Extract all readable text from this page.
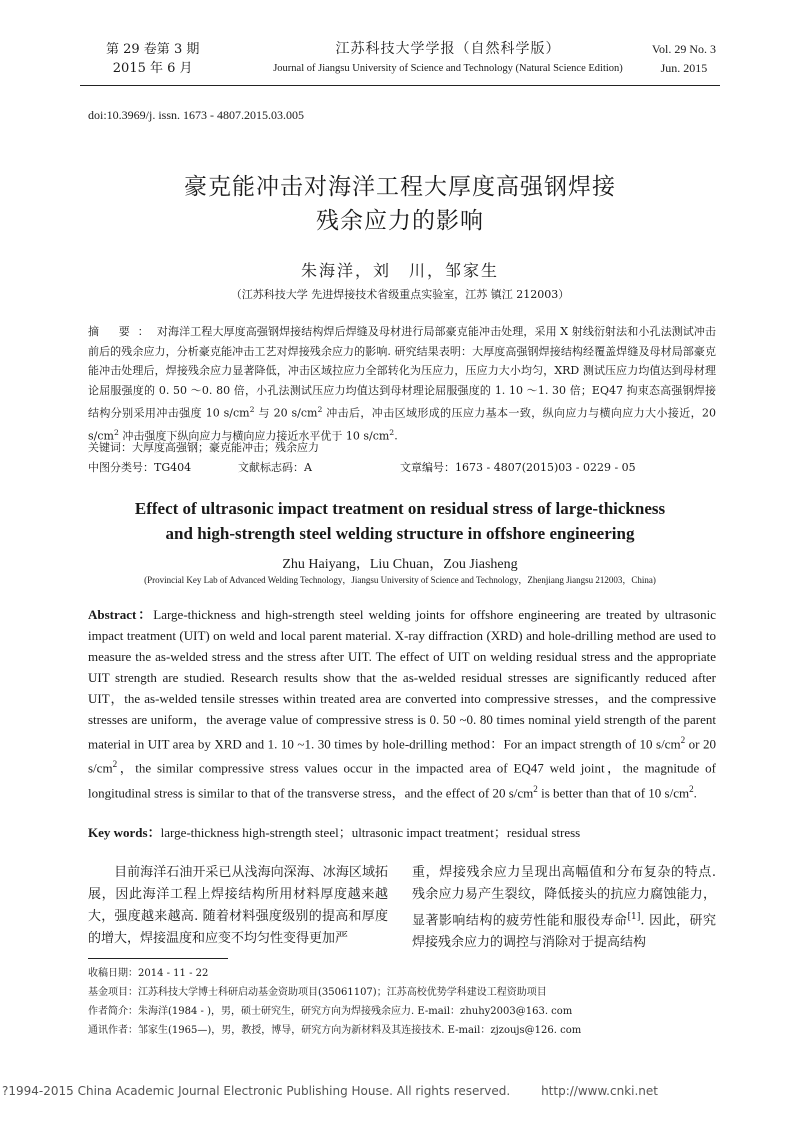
第 29 卷第 3 期
2015 年 6 月
江苏科技大学学报（自然科学版）
Journal of Jiangsu University of Science and Technology (Natural Science Edition)
Vol. 29 No. 3
Jun. 2015
doi:10.3969/j. issn. 1673 - 4807.2015.03.005
豪克能冲击对海洋工程大厚度高强钢焊接
残余应力的影响
朱海洋，刘　川，邹家生
（江苏科技大学 先进焊接技术省级重点实验室，江苏 镇江 212003）
摘 要：对海洋工程大厚度高强钢焊接结构焊后焊缝及母材进行局部豪克能冲击处理，采用 X 射线衍射法和小孔法测试冲击前后的残余应力，分析豪克能冲击工艺对焊接残余应力的影响. 研究结果表明：大厚度高强钢焊接结构经覆盖焊缝及母材局部豪克能冲击处理后，焊接残余应力显著降低，冲击区域拉应力全部转化为压应力，压应力大小均匀，XRD 测试压应力均值达到母材理论屈服强度的 0. 50 ～0. 80 倍，小孔法测试压应力均值达到母材理论屈服强度的 1. 10 ～1. 30 倍；EQ47 拘束态高强钢焊接结构分别采用冲击强度 10 $s/cm^2$ 与 20 $s/cm^2$ 冲击后，冲击区域形成的压应力基本一致，纵向应力与横向应力大小接近，20 $s/cm^2$ 冲击强度下纵向应力与横向应力接近水平优于 10 $s/cm^2$.
关键词：大厚度高强钢；豪克能冲击；残余应力
中图分类号：TG404	文献标志码：A	文章编号：1673 - 4807(2015)03 - 0229 - 05
Effect of ultrasonic impact treatment on residual stress of large-thickness
and high-strength steel welding structure in offshore engineering
Zhu Haiyang，Liu Chuan，Zou Jiasheng
(Provincial Key Lab of Advanced Welding Technology，Jiangsu University of Science and Technology，Zhenjiang Jiangsu 212003，China)
Abstract：Large-thickness and high-strength steel welding joints for offshore engineering are treated by ultrasonic impact treatment (UIT) on weld and local parent material. X-ray diffraction (XRD) and hole-drilling method are used to measure the as-welded stress and the stress after UIT. The effect of UIT on welding residual stress and the appropriate UIT strength are studied. Research results show that the as-welded residual stresses are significantly reduced after UIT，the as-welded tensile stresses within treated area are converted into compressive stresses，and the compressive stresses are uniform，the average value of compressive stress is 0. 50 ~0. 80 times nominal yield strength of the parent material in UIT area by XRD and 1. 10 ~1. 30 times by hole-drilling method：For an impact strength of 10 $s/cm^2$ or 20 $s/cm^2$，the similar compressive stress values occur in the impacted area of EQ47 weld joint，the magnitude of longitudinal stress is similar to that of the transverse stress，and the effect of 20 $s/cm^2$ is better than that of 10 $s/cm^2$.
Key words：large-thickness high-strength steel；ultrasonic impact treatment；residual stress
　　目前海洋石油开采已从浅海向深海、冰海区域拓展，因此海洋工程上焊接结构所用材料厚度越来越大，强度越来越高. 随着材料强度级别的提高和厚度的增大，焊接温度和应变不均匀性变得更加严
重，焊接残余应力呈现出高幅值和分布复杂的特点. 残余应力易产生裂纹，降低接头的抗应力腐蚀能力，显著影响结构的疲劳性能和服役寿命[1]. 因此，研究焊接残余应力的调控与消除对于提高结构
收稿日期：2014 - 11 - 22
基金项目：江苏科技大学博士科研启动基金资助项目(35061107)；江苏高校优势学科建设工程资助项目
作者简介：朱海洋(1984 - )，男，硕士研究生，研究方向为焊接残余应力. E-mail：zhuhy2003@163. com
通讯作者：邹家生(1965—)，男，教授，博导，研究方向为新材料及其连接技术. E-mail：zjzoujs@126. com
?1994-2015 China Academic Journal Electronic Publishing House. All rights reserved.	http://www.cnki.net
